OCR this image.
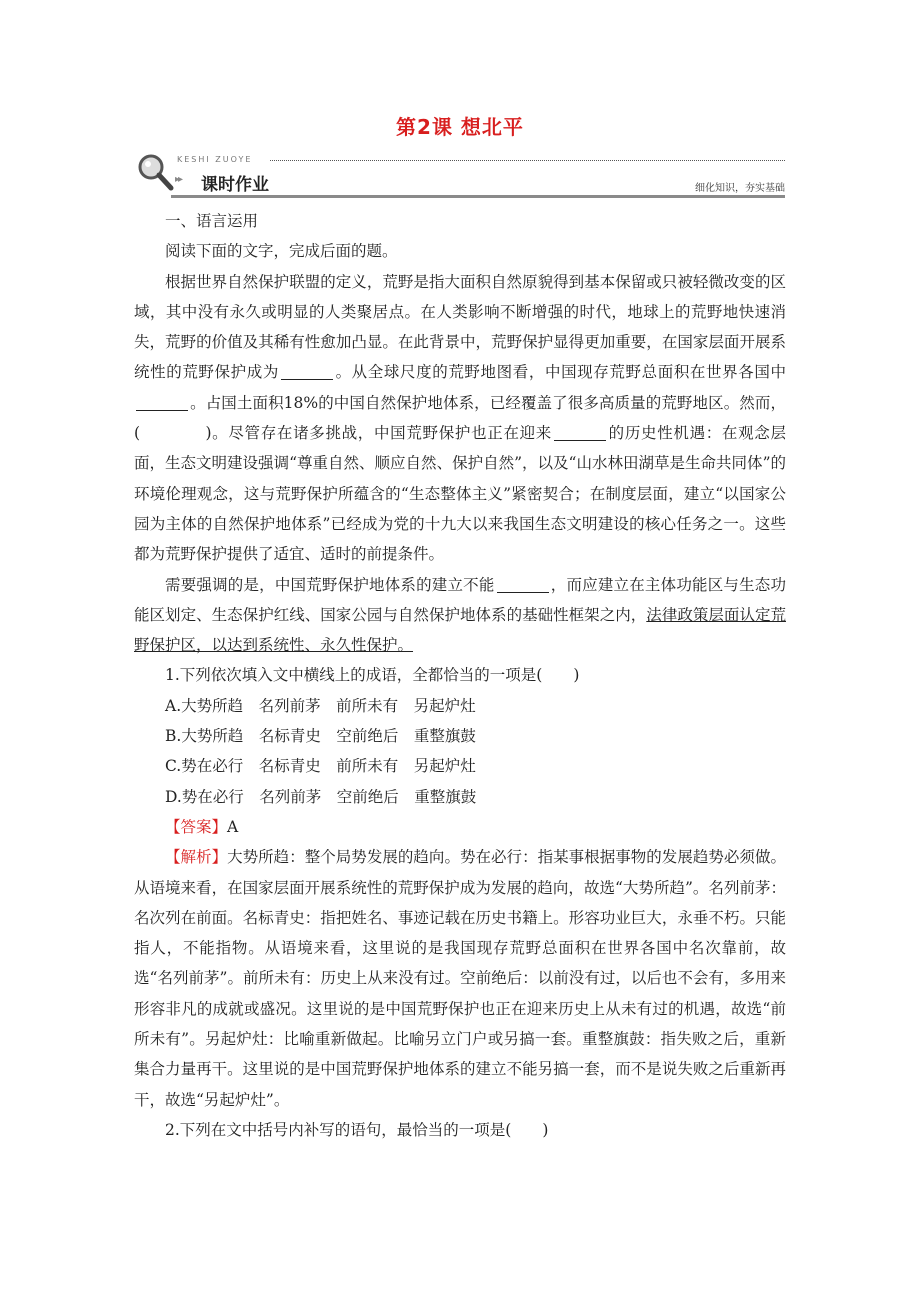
第2课 想北平
KESHI ZUOYE
▸▸ 课时作业	细化知识，夯实基础

一、语言运用

阅读下面的文字，完成后面的题。

根据世界自然保护联盟的定义，荒野是指大面积自然原貌得到基本保留或只被轻微改变的区域，其中没有永久或明显的人类聚居点。在人类影响不断增强的时代，地球上的荒野地快速消失，荒野的价值及其稀有性愈加凸显。在此背景中，荒野保护显得更加重要，在国家层面开展系统性的荒野保护成为	。从全球尺度的荒野地图看，中国现存荒野总面积在世界各国中。占国土面积18%的中国自然保护地体系，已经覆盖了很多高质量的荒野地区。然而，(　　　　)。尽管存在诸多挑战，中国荒野保护也正在迎来	的历史性机遇：在观念层面，生态文明建设强调“尊重自然、顺应自然、保护自然”，以及“山水林田湖草是生命共同体”的环境伦理观念，这与荒野保护所蕴含的“生态整体主义”紧密契合；在制度层面，建立“以国家公园为主体的自然保护地体系”已经成为党的十九大以来我国生态文明建设的核心任务之一。这些都为荒野保护提供了适宜、适时的前提条件。

需要强调的是，中国荒野保护地体系的建立不能	，而应建立在主体功能区与生态功能区划定、生态保护红线、国家公园与自然保护地体系的基础性框架之内，法律政策层面认定荒野保护区，以达到系统性、永久性保护。

1.下列依次填入文中横线上的成语，全都恰当的一项是(　　)

A.大势所趋　名列前茅　前所未有　另起炉灶

B.大势所趋　名标青史　空前绝后　重整旗鼓

C.势在必行　名标青史　前所未有　另起炉灶

D.势在必行　名列前茅　空前绝后　重整旗鼓

【答案】A

【解析】大势所趋：整个局势发展的趋向。势在必行：指某事根据事物的发展趋势必须做。从语境来看，在国家层面开展系统性的荒野保护成为发展的趋向，故选“大势所趋”。名列前茅：名次列在前面。名标青史：指把姓名、事迹记载在历史书籍上。形容功业巨大，永垂不朽。只能指人，不能指物。从语境来看，这里说的是我国现存荒野总面积在世界各国中名次靠前，故选“名列前茅”。前所未有：历史上从来没有过。空前绝后：以前没有过，以后也不会有，多用来形容非凡的成就或盛况。这里说的是中国荒野保护也正在迎来历史上从未有过的机遇，故选“前所未有”。另起炉灶：比喻重新做起。比喻另立门户或另搞一套。重整旗鼓：指失败之后，重新集合力量再干。这里说的是中国荒野保护地体系的建立不能另搞一套，而不是说失败之后重新再干，故选“另起炉灶”。

2.下列在文中括号内补写的语句，最恰当的一项是(　　)
